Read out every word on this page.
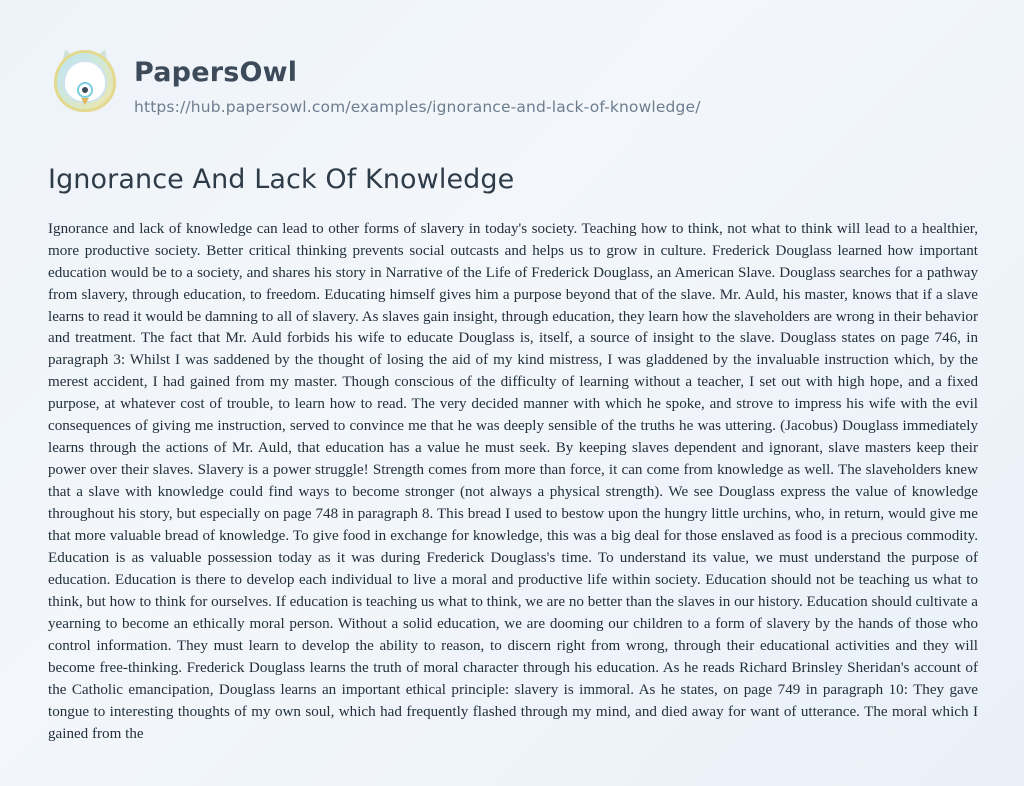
PapersOwl
https://hub.papersowl.com/examples/ignorance-and-lack-of-knowledge/
Ignorance And Lack Of Knowledge
Ignorance and lack of knowledge can lead to other forms of slavery in today's society. Teaching how to think, not what to think will lead to a healthier, more productive society. Better critical thinking prevents social outcasts and helps us to grow in culture. Frederick Douglass learned how important education would be to a society, and shares his story in Narrative of the Life of Frederick Douglass, an American Slave. Douglass searches for a pathway from slavery, through education, to freedom. Educating himself gives him a purpose beyond that of the slave. Mr. Auld, his master, knows that if a slave learns to read it would be damning to all of slavery. As slaves gain insight, through education, they learn how the slaveholders are wrong in their behavior and treatment. The fact that Mr. Auld forbids his wife to educate Douglass is, itself, a source of insight to the slave. Douglass states on page 746, in paragraph 3: Whilst I was saddened by the thought of losing the aid of my kind mistress, I was gladdened by the invaluable instruction which, by the merest accident, I had gained from my master. Though conscious of the difficulty of learning without a teacher, I set out with high hope, and a fixed purpose, at whatever cost of trouble, to learn how to read. The very decided manner with which he spoke, and strove to impress his wife with the evil consequences of giving me instruction, served to convince me that he was deeply sensible of the truths he was uttering. (Jacobus) Douglass immediately learns through the actions of Mr. Auld, that education has a value he must seek. By keeping slaves dependent and ignorant, slave masters keep their power over their slaves. Slavery is a power struggle! Strength comes from more than force, it can come from knowledge as well. The slaveholders knew that a slave with knowledge could find ways to become stronger (not always a physical strength). We see Douglass express the value of knowledge throughout his story, but especially on page 748 in paragraph 8. This bread I used to bestow upon the hungry little urchins, who, in return, would give me that more valuable bread of knowledge. To give food in exchange for knowledge, this was a big deal for those enslaved as food is a precious commodity. Education is as valuable possession today as it was during Frederick Douglass's time. To understand its value, we must understand the purpose of education. Education is there to develop each individual to live a moral and productive life within society. Education should not be teaching us what to think, but how to think for ourselves. If education is teaching us what to think, we are no better than the slaves in our history. Education should cultivate a yearning to become an ethically moral person. Without a solid education, we are dooming our children to a form of slavery by the hands of those who control information. They must learn to develop the ability to reason, to discern right from wrong, through their educational activities and they will become free-thinking. Frederick Douglass learns the truth of moral character through his education. As he reads Richard Brinsley Sheridan's account of the Catholic emancipation, Douglass learns an important ethical principle: slavery is immoral. As he states, on page 749 in paragraph 10: They gave tongue to interesting thoughts of my own soul, which had frequently flashed through my mind, and died away for want of utterance. The moral which I gained from the
